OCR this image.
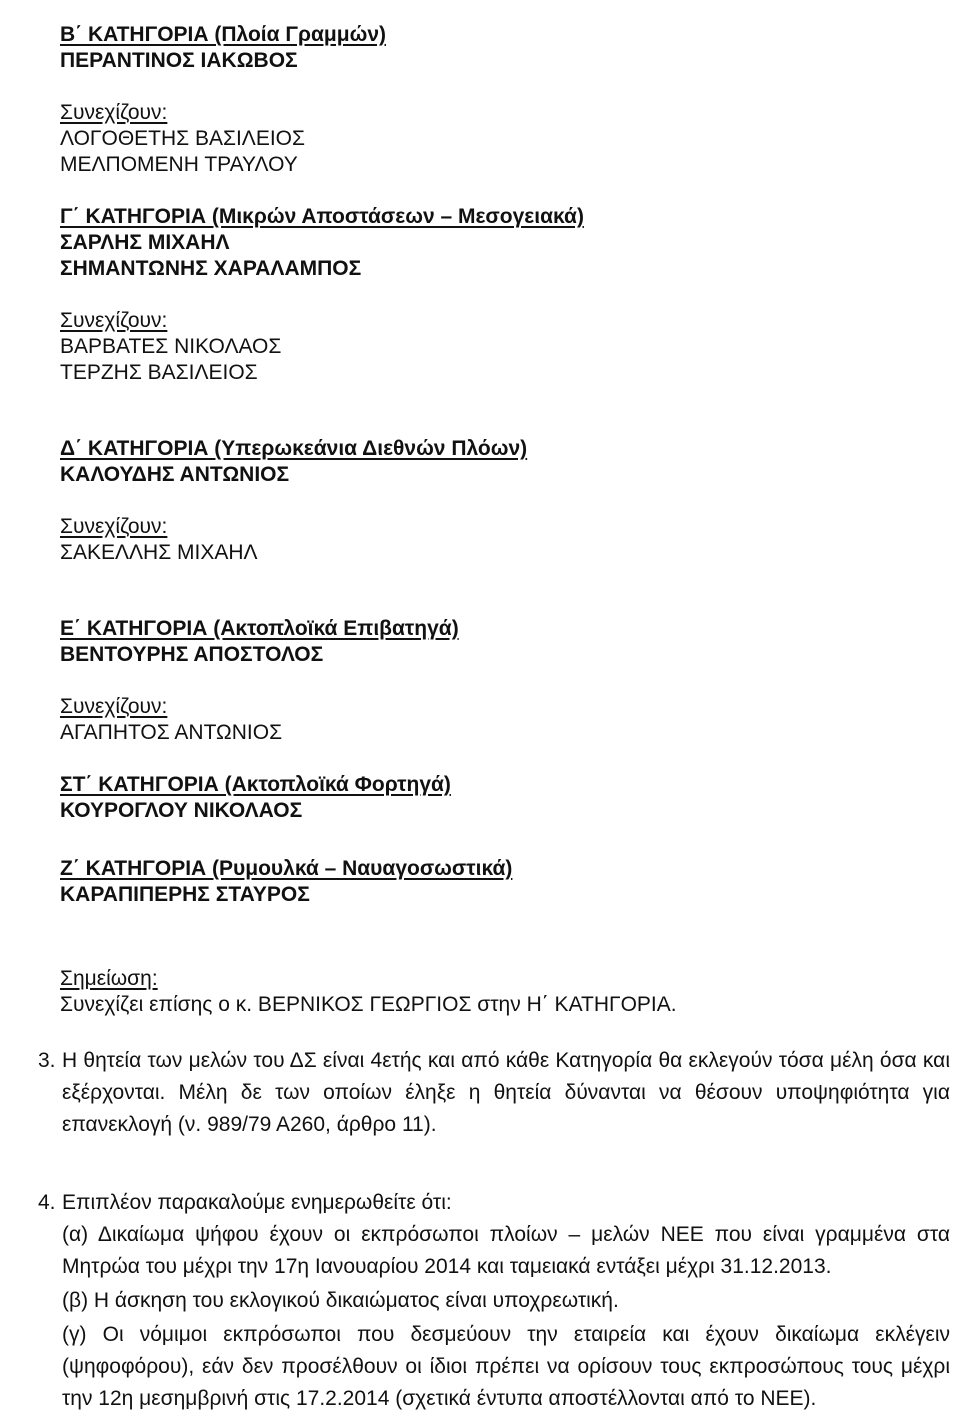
Β΄ ΚΑΤΗΓΟΡΙΑ (Πλοία Γραμμών)
ΠΕΡΑΝΤΙΝΟΣ ΙΑΚΩΒΟΣ
Συνεχίζουν:
ΛΟΓΟΘΕΤΗΣ ΒΑΣΙΛΕΙΟΣ
ΜΕΛΠΟΜΕΝΗ ΤΡΑΥΛΟΥ
Γ΄ ΚΑΤΗΓΟΡΙΑ (Μικρών Αποστάσεων – Μεσογειακά)
ΣΑΡΛΗΣ ΜΙΧΑΗΛ
ΣΗΜΑΝΤΩΝΗΣ ΧΑΡΑΛΑΜΠΟΣ
Συνεχίζουν:
ΒΑΡΒΑΤΕΣ ΝΙΚΟΛΑΟΣ
ΤΕΡΖΗΣ ΒΑΣΙΛΕΙΟΣ
Δ΄ ΚΑΤΗΓΟΡΙΑ (Υπερωκεάνια Διεθνών Πλόων)
ΚΑΛΟΥΔΗΣ ΑΝΤΩΝΙΟΣ
Συνεχίζουν:
ΣΑΚΕΛΛΗΣ ΜΙΧΑΗΛ
Ε΄ ΚΑΤΗΓΟΡΙΑ (Ακτοπλοϊκά Επιβατηγά)
ΒΕΝΤΟΥΡΗΣ ΑΠΟΣΤΟΛΟΣ
Συνεχίζουν:
ΑΓΑΠΗΤΟΣ ΑΝΤΩΝΙΟΣ
ΣΤ΄ ΚΑΤΗΓΟΡΙΑ (Ακτοπλοϊκά Φορτηγά)
ΚΟΥΡΟΓΛΟΥ ΝΙΚΟΛΑΟΣ
Ζ΄ ΚΑΤΗΓΟΡΙΑ (Ρυμουλκά – Ναυαγοσωστικά)
ΚΑΡΑΠΙΠΕΡΗΣ ΣΤΑΥΡΟΣ
Σημείωση:
Συνεχίζει επίσης ο κ. ΒΕΡΝΙΚΟΣ ΓΕΩΡΓΙΟΣ στην Η΄ ΚΑΤΗΓΟΡΙΑ.
3. Η θητεία των μελών του ΔΣ είναι 4ετής και από κάθε Κατηγορία θα εκλεγούν τόσα μέλη όσα και εξέρχονται. Μέλη δε των οποίων έληξε η θητεία δύνανται να θέσουν υποψηφιότητα για επανεκλογή (ν. 989/79 Α260, άρθρο 11).
4. Επιπλέον παρακαλούμε ενημερωθείτε ότι:
(α) Δικαίωμα ψήφου έχουν οι εκπρόσωποι πλοίων – μελών ΝΕΕ που είναι γραμμένα στα Μητρώα του μέχρι την 17η Ιανουαρίου 2014 και ταμειακά εντάξει μέχρι 31.12.2013.
(β) Η άσκηση του εκλογικού δικαιώματος είναι υποχρεωτική.
(γ) Οι νόμιμοι εκπρόσωποι που δεσμεύουν την εταιρεία και έχουν δικαίωμα εκλέγειν (ψηφοφόρου), εάν δεν προσέλθουν οι ίδιοι πρέπει να ορίσουν τους εκπροσώπους τους μέχρι την 12η μεσημβρινή στις 17.2.2014 (σχετικά έντυπα αποστέλλονται από το ΝΕΕ).
